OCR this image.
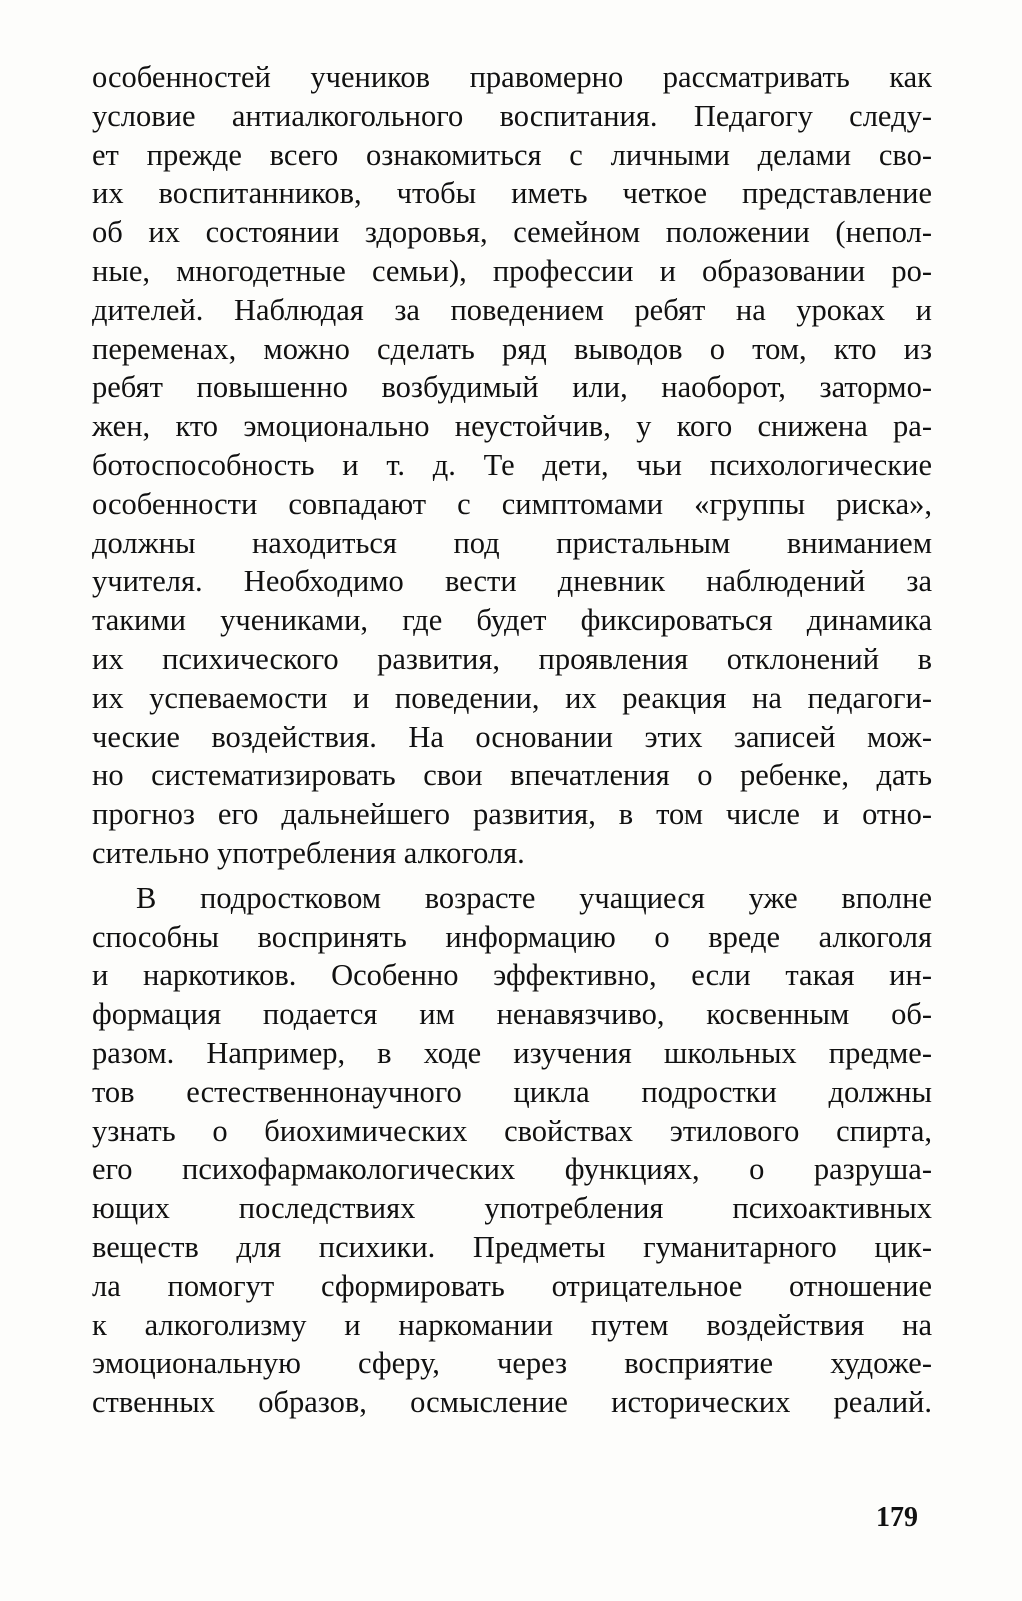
особенностей учеников правомерно рассматривать как
условие антиалкогольного воспитания. Педагогу следу-
ет прежде всего ознакомиться с личными делами сво-
их воспитанников, чтобы иметь четкое представление
об их состоянии здоровья, семейном положении (непол-
ные, многодетные семьи), профессии и образовании ро-
дителей. Наблюдая за поведением ребят на уроках и
переменах, можно сделать ряд выводов о том, кто из
ребят повышенно возбудимый или, наоборот, затормо-
жен, кто эмоционально неустойчив, у кого снижена ра-
ботоспособность и т. д. Те дети, чьи психологические
особенности совпадают с симптомами «группы риска»,
должны находиться под пристальным вниманием
учителя. Необходимо вести дневник наблюдений за
такими учениками, где будет фиксироваться динамика
их психического развития, проявления отклонений в
их успеваемости и поведении, их реакция на педагоги-
ческие воздействия. На основании этих записей мож-
но систематизировать свои впечатления о ребенке, дать
прогноз его дальнейшего развития, в том числе и отно-
сительно употребления алкоголя.
В подростковом возрасте учащиеся уже вполне
способны воспринять информацию о вреде алкоголя
и наркотиков. Особенно эффективно, если такая ин-
формация подается им ненавязчиво, косвенным об-
разом. Например, в ходе изучения школьных предме-
тов естественнонаучного цикла подростки должны
узнать о биохимических свойствах этилового спирта,
его психофармакологических функциях, о разруша-
ющих последствиях употребления психоактивных
веществ для психики. Предметы гуманитарного цик-
ла помогут сформировать отрицательное отношение
к алкоголизму и наркомании путем воздействия на
эмоциональную сферу, через восприятие художе-
ственных образов, осмысление исторических реалий.
179
